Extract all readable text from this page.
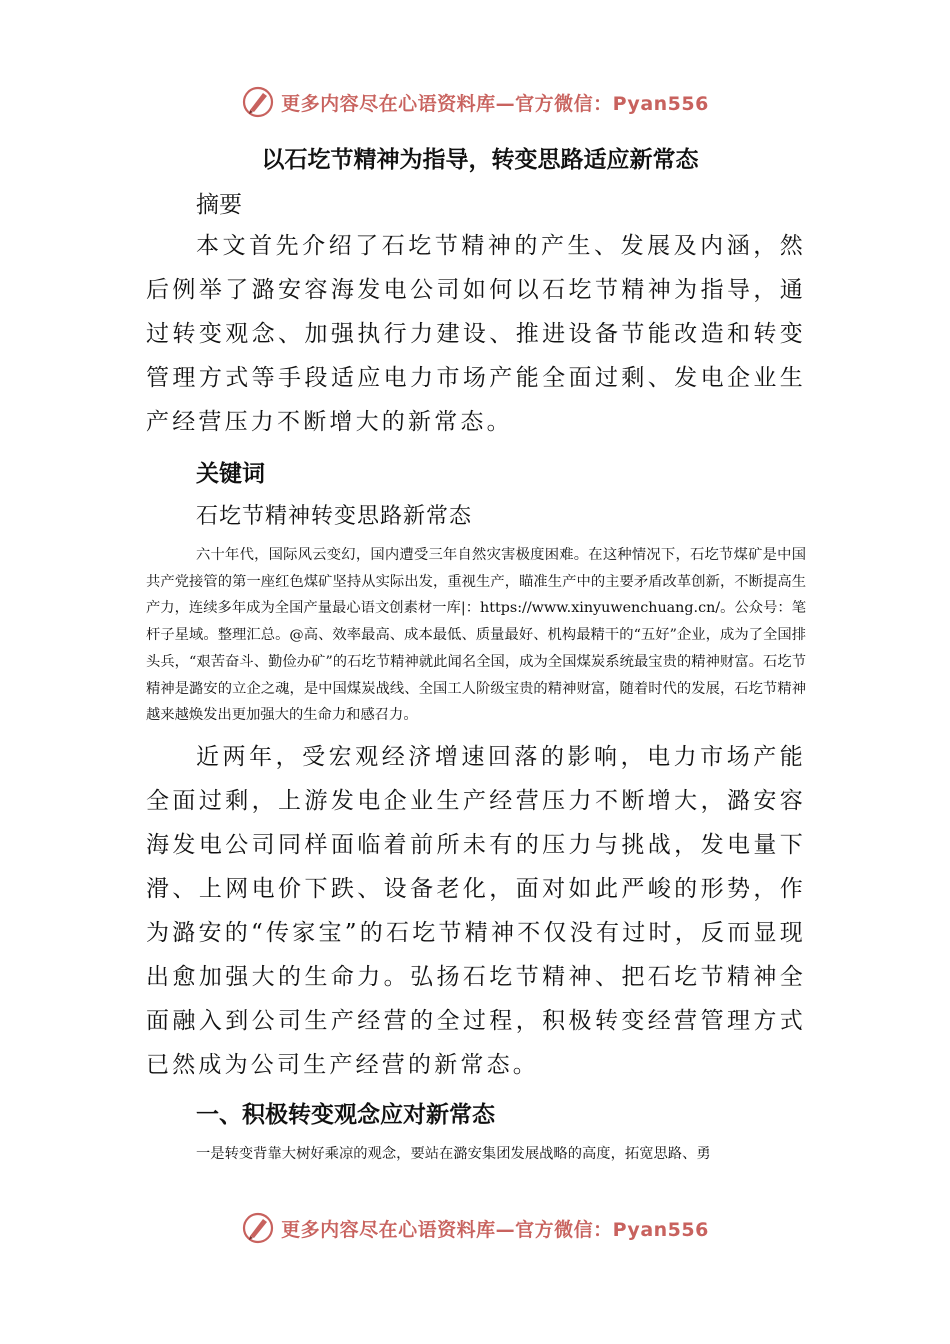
更多内容尽在心语资料库—官方微信：Pyan556
以石圪节精神为指导，转变思路适应新常态
摘要

本文首先介绍了石圪节精神的产生、发展及内涵，然后例举了潞安容海发电公司如何以石圪节精神为指导，通过转变观念、加强执行力建设、推进设备节能改造和转变管理方式等手段适应电力市场产能全面过剩、发电企业生产经营压力不断增大的新常态。

关键词
石圪节精神转变思路新常态

六十年代，国际风云变幻，国内遭受三年自然灾害极度困难。在这种情况下，石圪节煤矿是中国共产党接管的第一座红色煤矿坚持从实际出发，重视生产，瞄准生产中的主要矛盾改革创新，不断提高生产力，连续多年成为全国产量最心语文创素材一库|：https://www.xinyuwenchuang.cn/。公众号：笔杆子星域。整理汇总。@高、效率最高、成本最低、质量最好、机构最精干的“五好”企业，成为了全国排头兵，“艰苦奋斗、勤俭办矿”的石圪节精神就此闻名全国，成为全国煤炭系统最宝贵的精神财富。石圪节精神是潞安的立企之魂，是中国煤炭战线、全国工人阶级宝贵的精神财富，随着时代的发展，石圪节精神越来越焕发出更加强大的生命力和感召力。

近两年，受宏观经济增速回落的影响，电力市场产能全面过剩，上游发电企业生产经营压力不断增大，潞安容海发电公司同样面临着前所未有的压力与挑战，发电量下滑、上网电价下跌、设备老化，面对如此严峻的形势，作为潞安的“传家宝”的石圪节精神不仅没有过时，反而显现出愈加强大的生命力。弘扬石圪节精神、把石圪节精神全面融入到公司生产经营的全过程，积极转变经营管理方式已然成为公司生产经营的新常态。

一、积极转变观念应对新常态

一是转变背靠大树好乘凉的观念，要站在潞安集团发展战略的高度，拓宽思路、勇

更多内容尽在心语资料库—官方微信：Pyan556
